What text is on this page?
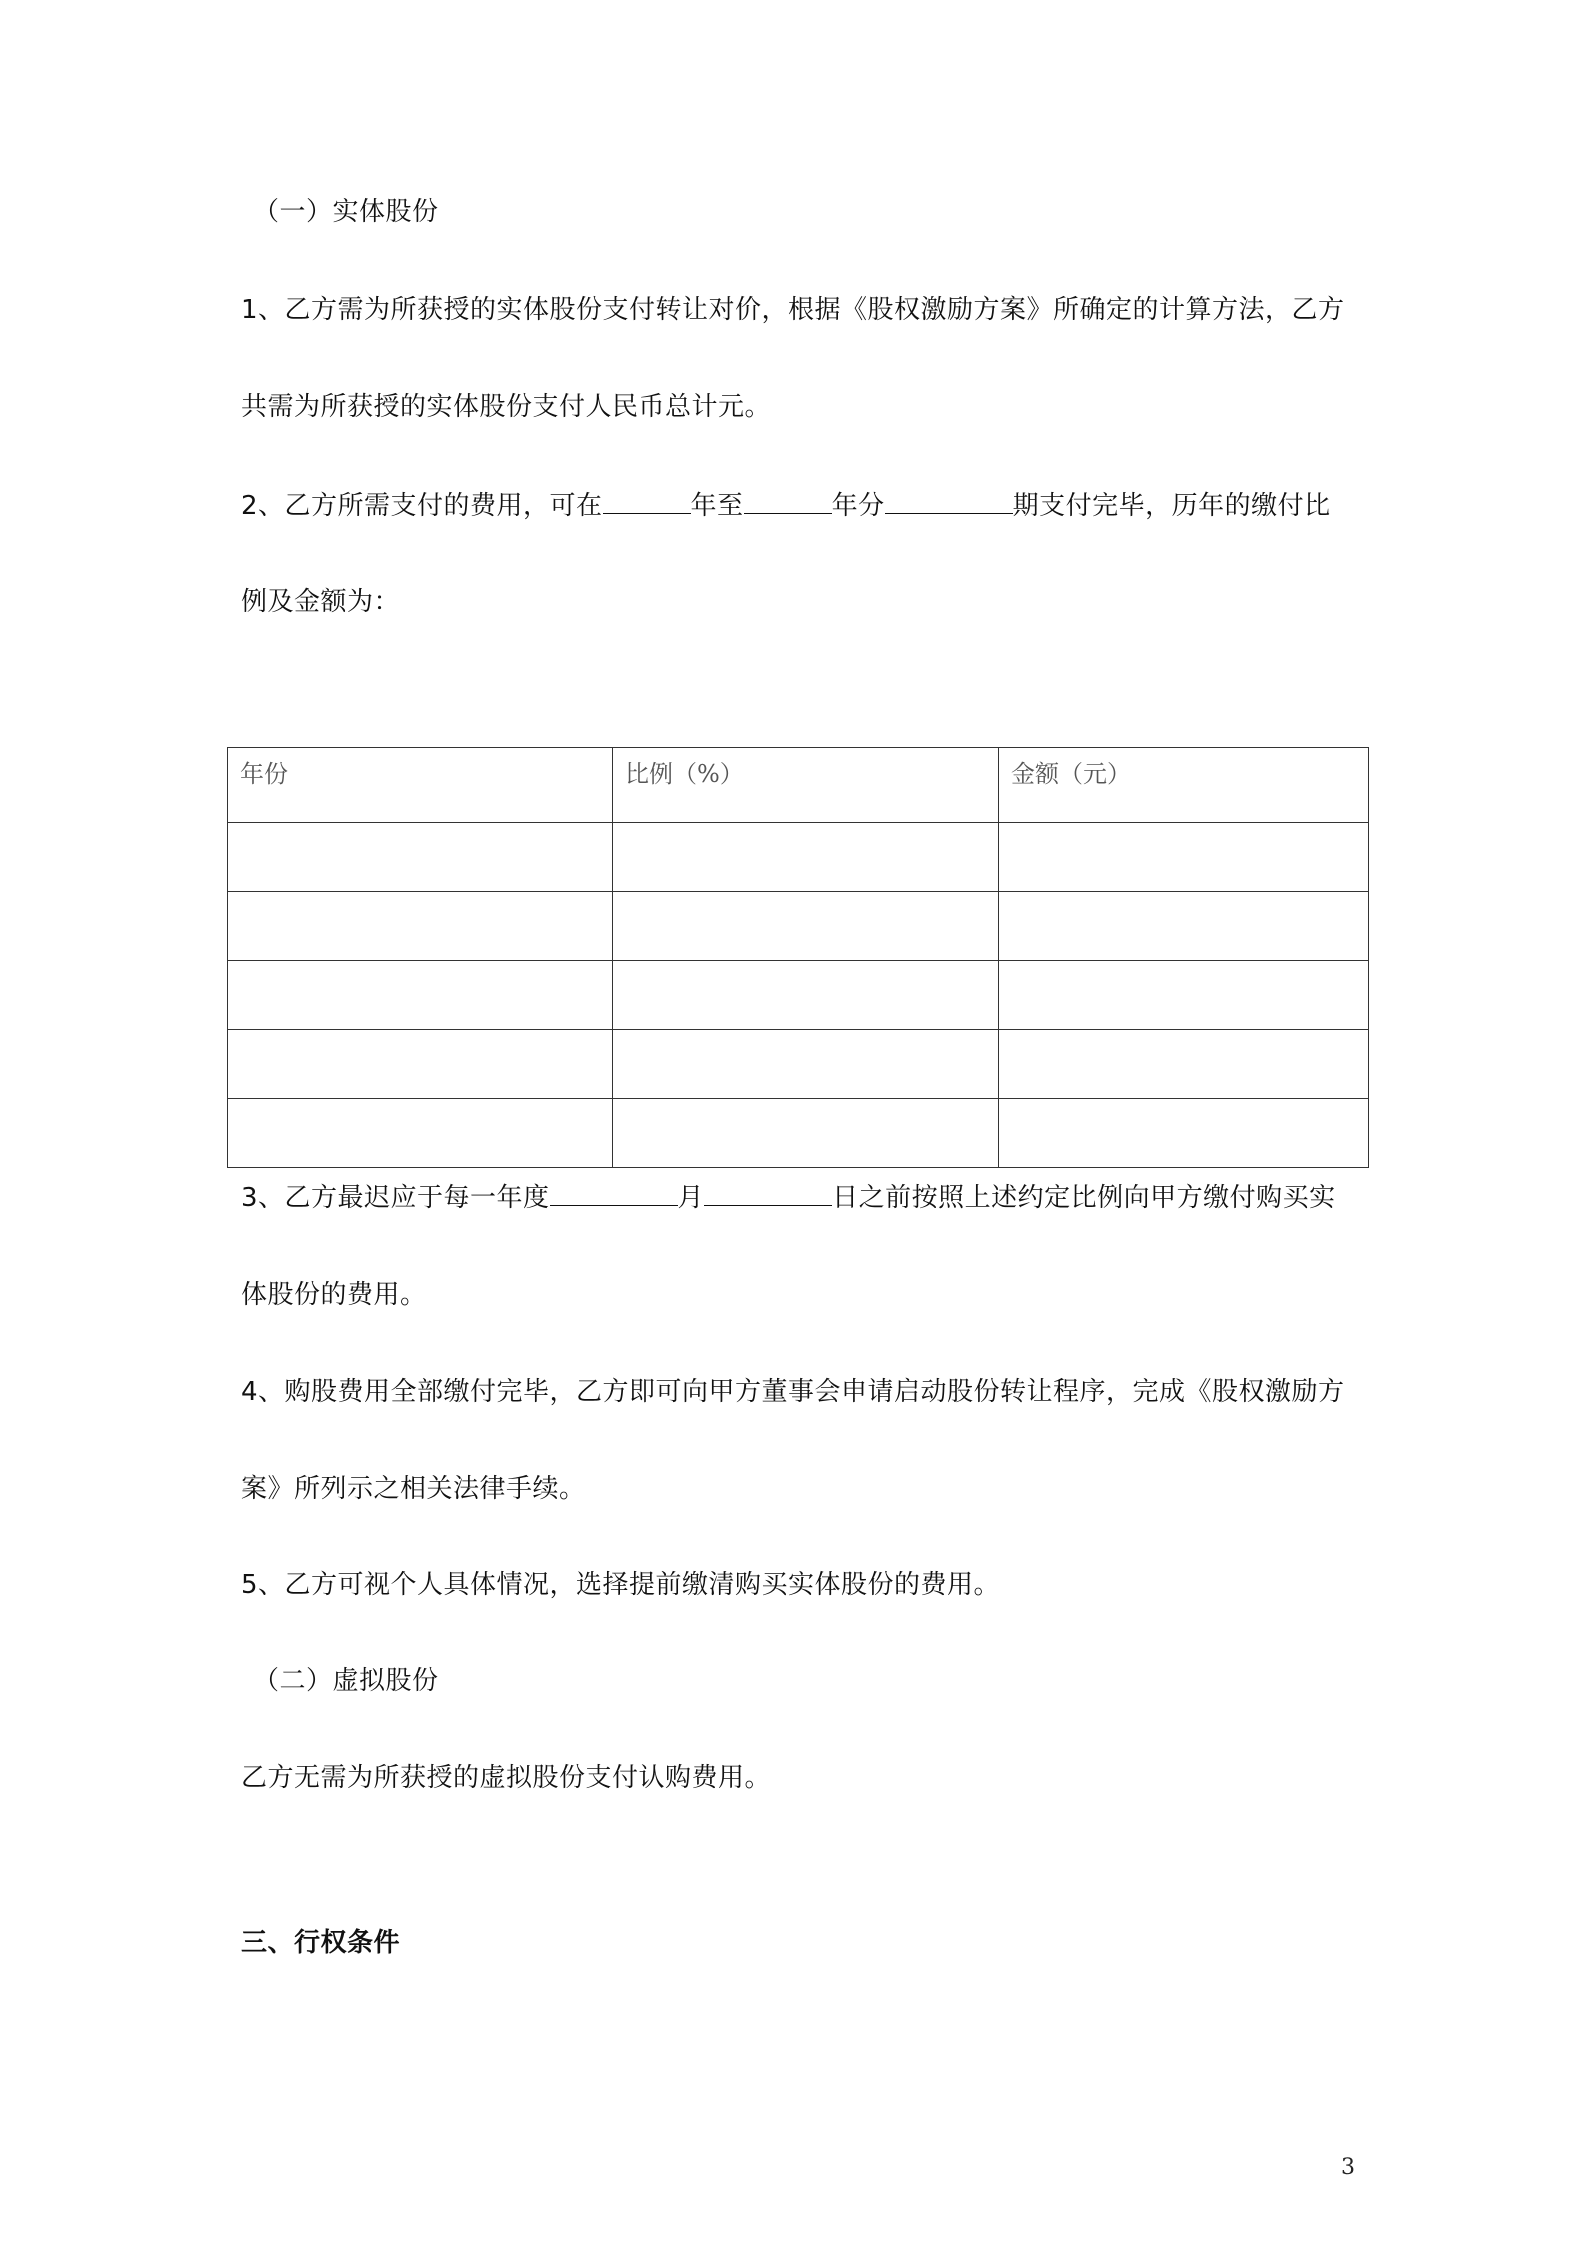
（一）实体股份
1、乙方需为所获授的实体股份支付转让对价，根据《股权激励方案》所确定的计算方法，乙方
共需为所获授的实体股份支付人民币总计元。
2、乙方所需支付的费用，可在	年至	年分	期支付完毕，历年的缴付比
例及金额为：
年份	比例（%）	金额（元）

3、乙方最迟应于每一年度	月	日之前按照上述约定比例向甲方缴付购买实
体股份的费用。
4、购股费用全部缴付完毕，乙方即可向甲方董事会申请启动股份转让程序，完成《股权激励方
案》所列示之相关法律手续。
5、乙方可视个人具体情况，选择提前缴清购买实体股份的费用。
（二）虚拟股份
乙方无需为所获授的虚拟股份支付认购费用。
三、行权条件
3
